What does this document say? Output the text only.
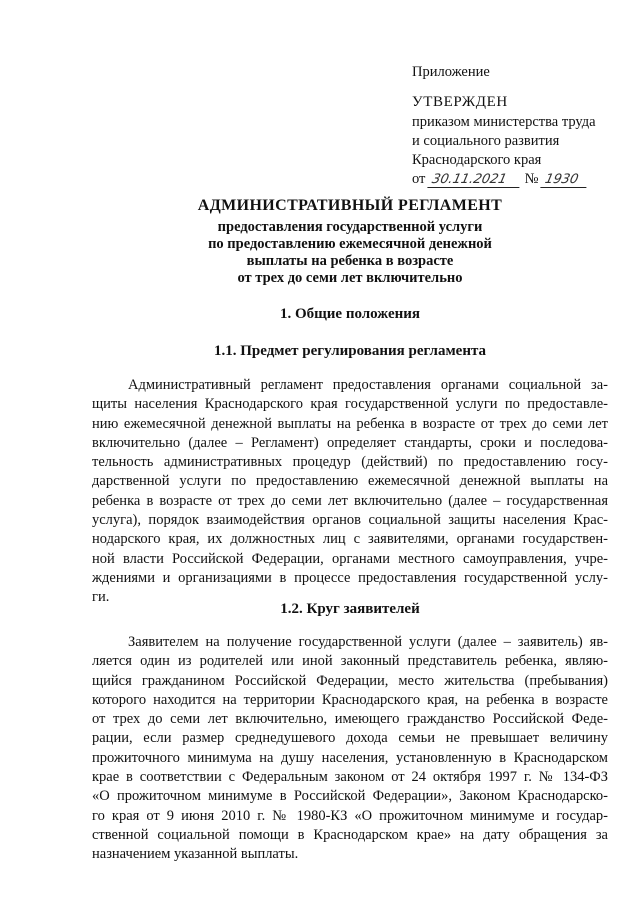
Приложение
УТВЕРЖДЕН
приказом министерства труда
и социального развития
Краснодарского края
от 30.11.2021 № 1930
АДМИНИСТРАТИВНЫЙ РЕГЛАМЕНТ
предоставления государственной услуги
по предоставлению ежемесячной денежной
выплаты на ребенка в возрасте
от трех до семи лет включительно
1. Общие положения
1.1. Предмет регулирования регламента
Административный регламент предоставления органами социальной за-
щиты населения Краснодарского края государственной услуги по предоставле-
нию ежемесячной денежной выплаты на ребенка в возрасте от трех до семи лет
включительно (далее – Регламент) определяет стандарты, сроки и последова-
тельность административных процедур (действий) по предоставлению госу-
дарственной услуги по предоставлению ежемесячной денежной выплаты на
ребенка в возрасте от трех до семи лет включительно (далее – государственная
услуга), порядок взаимодействия органов социальной защиты населения Крас-
нодарского края, их должностных лиц с заявителями, органами государствен-
ной власти Российской Федерации, органами местного самоуправления, учре-
ждениями и организациями в процессе предоставления государственной услу-
ги.
1.2. Круг заявителей
Заявителем на получение государственной услуги (далее – заявитель) яв-
ляется один из родителей или иной законный представитель ребенка, являю-
щийся гражданином Российской Федерации, место жительства (пребывания)
которого находится на территории Краснодарского края, на ребенка в возрасте
от трех до семи лет включительно, имеющего гражданство Российской Феде-
рации, если размер среднедушевого дохода семьи не превышает величину
прожиточного минимума на душу населения, установленную в Краснодарском
крае в соответствии с Федеральным законом от 24 октября 1997 г. № 134-ФЗ
«О прожиточном минимуме в Российской Федерации», Законом Краснодарско-
го края от 9 июня 2010 г. № 1980-КЗ «О прожиточном минимуме и государ-
ственной социальной помощи в Краснодарском крае» на дату обращения за
назначением указанной выплаты.
